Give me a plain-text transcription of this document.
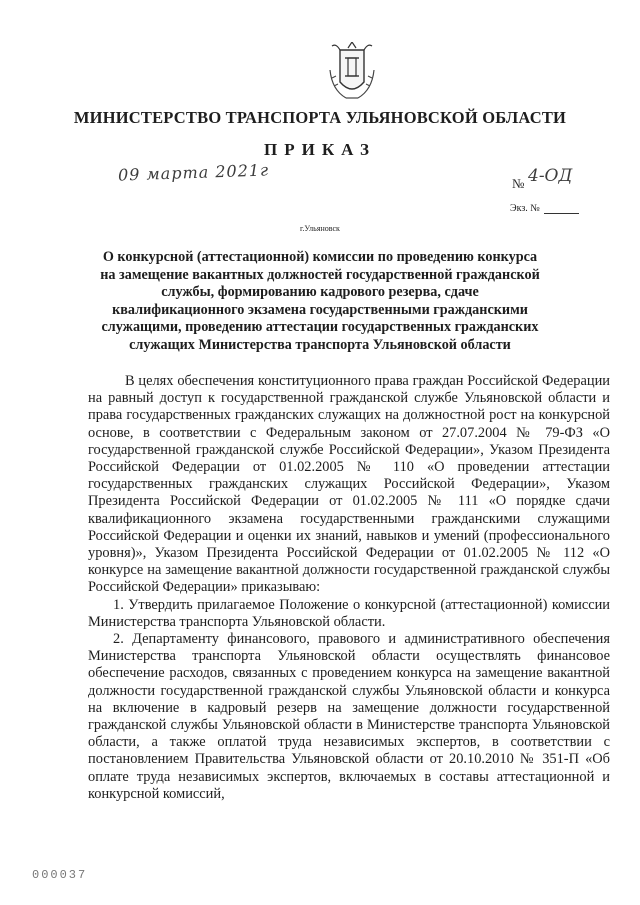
МИНИСТЕРСТВО ТРАНСПОРТА УЛЬЯНОВСКОЙ ОБЛАСТИ
ПРИКАЗ
09 марта 2021г	№ 4-ОД
Экз. №
г.Ульяновск
О конкурсной (аттестационной) комиссии по проведению конкурса на замещение вакантных должностей государственной гражданской службы, формированию кадрового резерва, сдаче квалификационного экзамена государственными гражданскими служащими, проведению аттестации государственных гражданских служащих Министерства транспорта Ульяновской области

В целях обеспечения конституционного права граждан Российской Федерации на равный доступ к государственной гражданской службе Ульяновской области и права государственных гражданских служащих на должностной рост на конкурсной основе, в соответствии с Федеральным законом от 27.07.2004 № 79-ФЗ «О государственной гражданской службе Российской Федерации», Указом Президента Российской Федерации от 01.02.2005 № 110 «О проведении аттестации государственных гражданских служащих Российской Федерации», Указом Президента Российской Федерации от 01.02.2005 № 111 «О порядке сдачи квалификационного экзамена государственными гражданскими служащими Российской Федерации и оценки их знаний, навыков и умений (профессионального уровня)», Указом Президента Российской Федерации от 01.02.2005 № 112 «О конкурсе на замещение вакантной должности государственной гражданской службы Российской Федерации» приказываю:

1. Утвердить прилагаемое Положение о конкурсной (аттестационной) комиссии Министерства транспорта Ульяновской области.

2. Департаменту финансового, правового и административного обеспечения Министерства транспорта Ульяновской области осуществлять финансовое обеспечение расходов, связанных с проведением конкурса на замещение вакантной должности государственной гражданской службы Ульяновской области и конкурса на включение в кадровый резерв на замещение должности государственной гражданской службы Ульяновской области в Министерстве транспорта Ульяновской области, а также оплатой труда независимых экспертов, в соответствии с постановлением Правительства Ульяновской области от 20.10.2010 № 351-П «Об оплате труда независимых экспертов, включаемых в составы аттестационной и конкурсной комиссий,

000037
